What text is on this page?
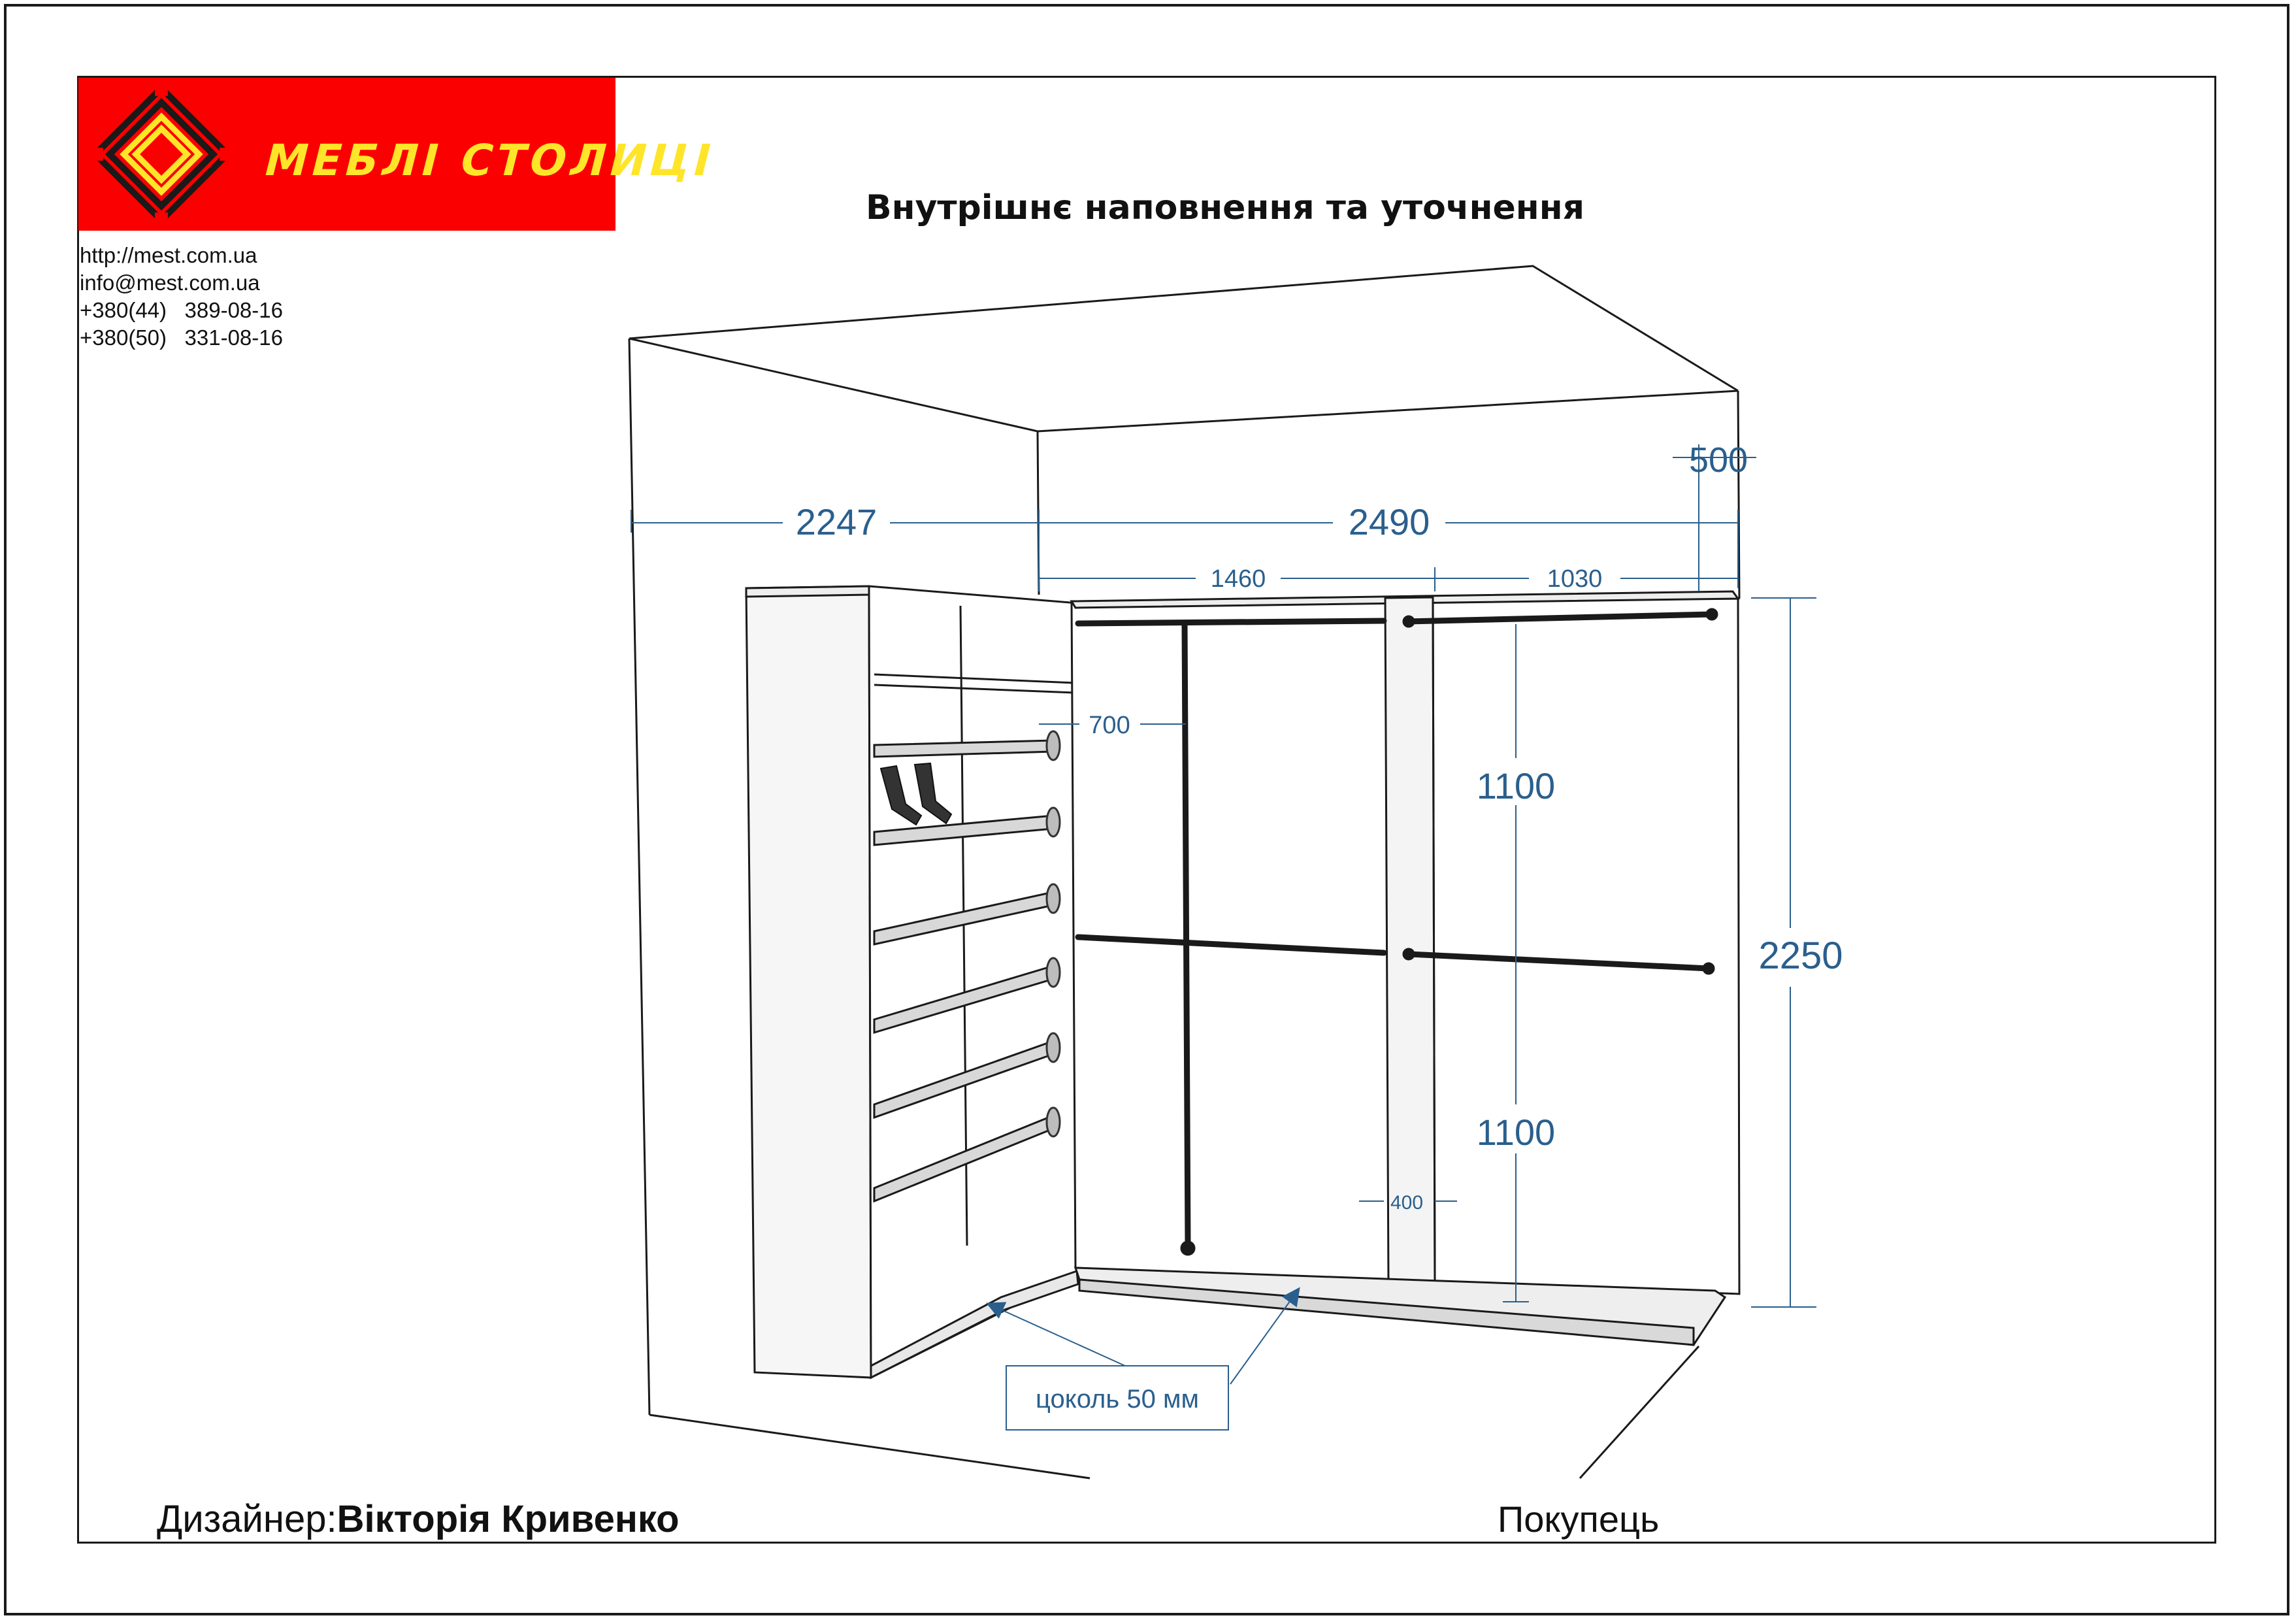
МЕБЛІ СТОЛИЦІ
http://mest.com.ua
info@mest.com.ua
+380(44)   389-08-16
+380(50)   331-08-16
Внутрішнє наповнення та уточнення
2247	2490
500
1460	1030
700
1100
1100
2250
400
цоколь 50 мм
Дизайнер:Вікторія Кривенко	Покупець
